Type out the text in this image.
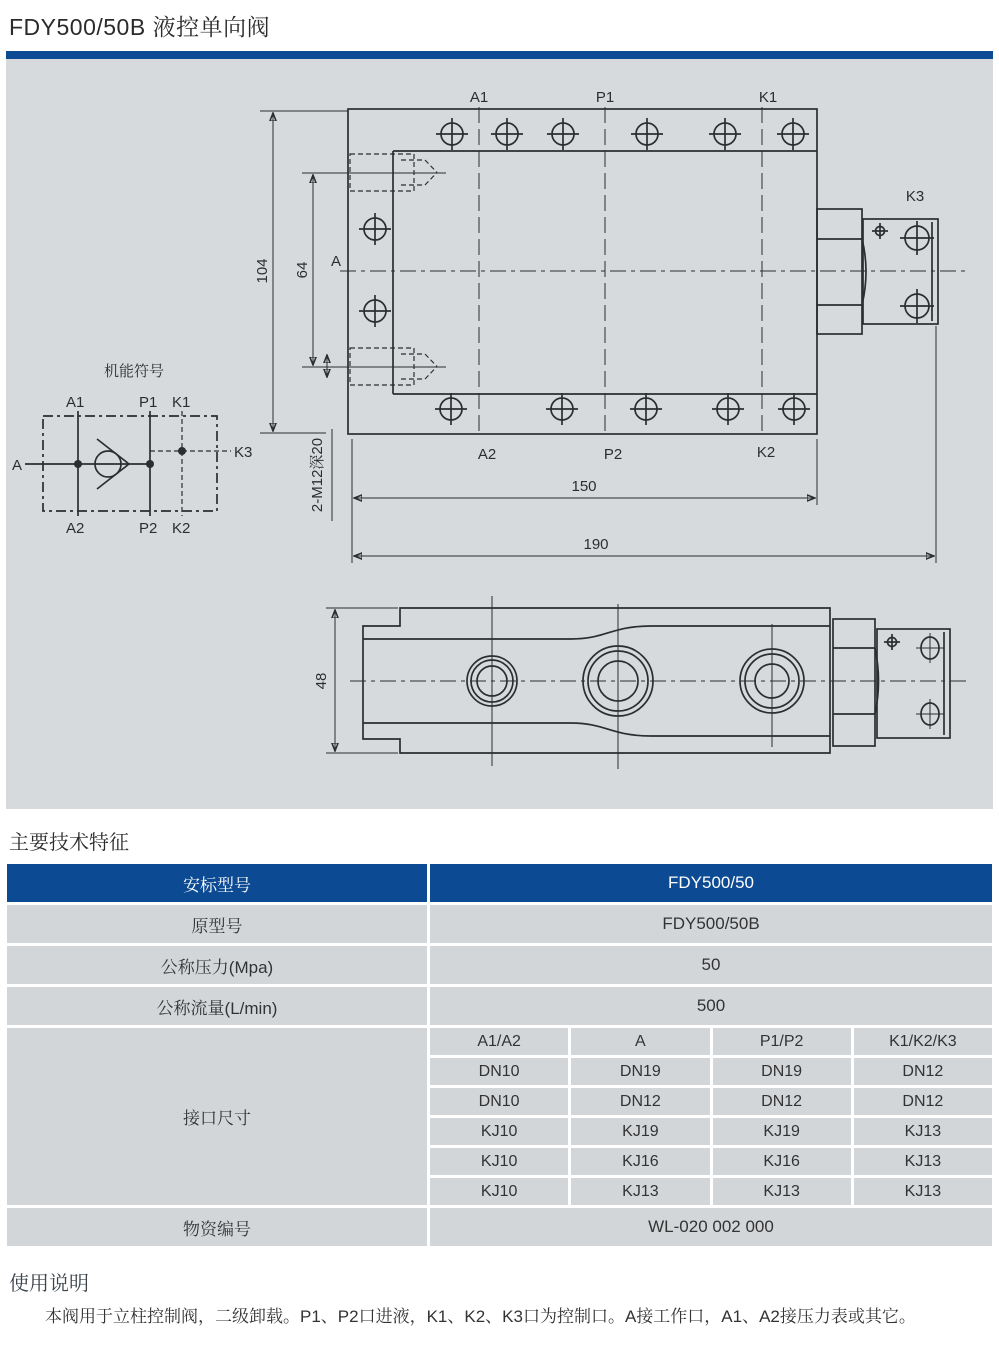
FDY500/50B 液控单向阀
A1	P1	K1
A2	P2	K2
K3
A
104 64
2-M12深20	150
190
48
机能符号
A1	P1 K1
A
K3
A2	P2 K2
主要技术特征
安标型号	FDY500/50
原型号	FDY500/50B
公称压力(Mpa)	50
公称流量(L/min)	500
接口尺寸
A1/A2	A	P1/P2	K1/K2/K3
DN10	DN19	DN19	DN12
DN10	DN12	DN12	DN12
KJ10	KJ19	KJ19	KJ13
KJ10	KJ16	KJ16	KJ13
KJ10	KJ13	KJ13	KJ13
物资编号	WL-020 002 000
使用说明

本阀用于立柱控制阀，二级卸载。P1、P2口进液，K1、K2、K3口为控制口。A接工作口，A1、A2接压力表或其它。
